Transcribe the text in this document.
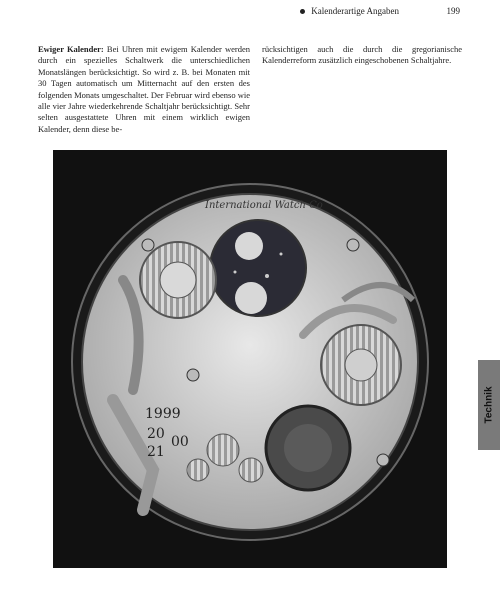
Kalenderartige Angaben	199
Ewiger Kalender: Bei Uhren mit ewigem Kalender werden durch ein spezielles Schaltwerk die unterschiedlichen Monatslängen berücksichtigt. So wird z. B. bei Monaten mit 30 Tagen automatisch um Mitternacht auf den ersten des folgenden Monats umgeschaltet. Der Februar wird ebenso wie alle vier Jahre wiederkehrende Schaltjahr berücksichtigt. Sehr selten ausgestattete Uhren mit einem wirklich ewigen Kalender, denn diese be-
rücksichtigen auch die durch die gregorianische Kalenderreform zusätzlich eingeschobenen Schaltjahre.
International Watch Co
1999
20
21
00
Technik
